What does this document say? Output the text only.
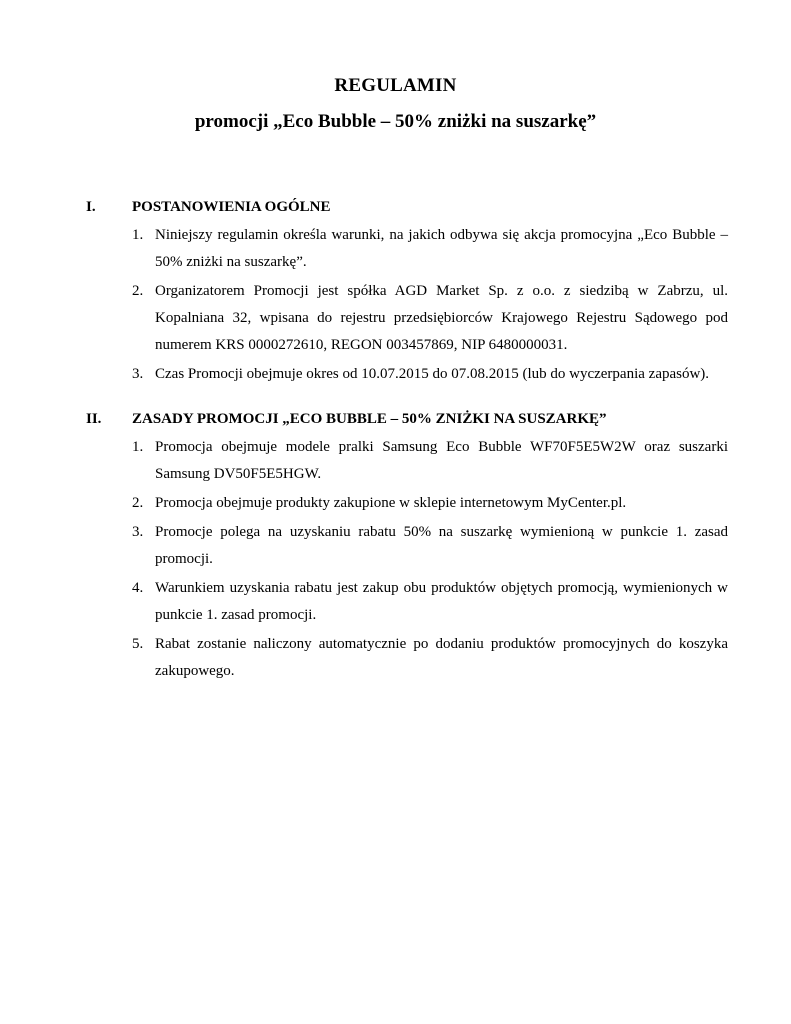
REGULAMIN
promocji „Eco Bubble – 50% zniżki na suszarkę”
I. POSTANOWIENIA OGÓLNE
1. Niniejszy regulamin określa warunki, na jakich odbywa się akcja promocyjna „Eco Bubble – 50% zniżki na suszarkę”.
2. Organizatorem Promocji jest spółka AGD Market Sp. z o.o. z siedzibą w Zabrzu, ul. Kopalniana 32, wpisana do rejestru przedsiębiorców Krajowego Rejestru Sądowego pod numerem KRS 0000272610, REGON 003457869, NIP 6480000031.
3. Czas Promocji obejmuje okres od 10.07.2015 do 07.08.2015 (lub do wyczerpania zapasów).
II. ZASADY PROMOCJI „ECO BUBBLE – 50% ZNIŻKI NA SUSZARKĘ”
1. Promocja obejmuje modele pralki Samsung Eco Bubble WF70F5E5W2W oraz suszarki Samsung DV50F5E5HGW.
2. Promocja obejmuje produkty zakupione w sklepie internetowym MyCenter.pl.
3. Promocje polega na uzyskaniu rabatu 50% na suszarkę wymienioną w punkcie 1. zasad promocji.
4. Warunkiem uzyskania rabatu jest zakup obu produktów objętych promocją, wymienionych w punkcie 1. zasad promocji.
5. Rabat zostanie naliczony automatycznie po dodaniu produktów promocyjnych do koszyka zakupowego.
